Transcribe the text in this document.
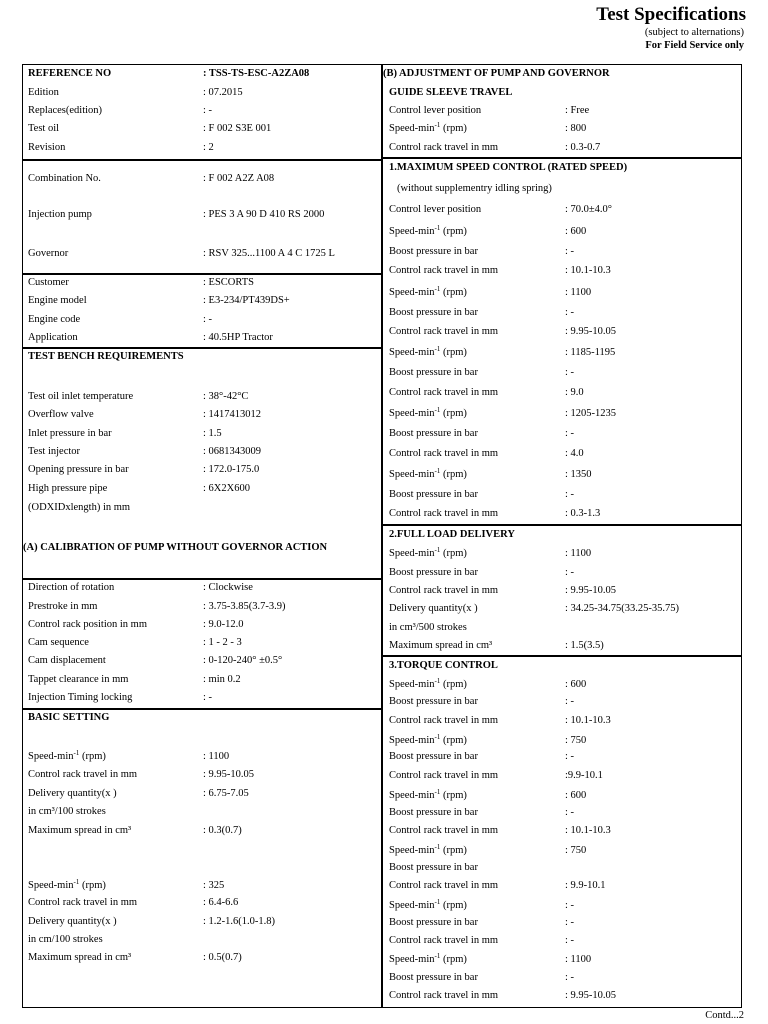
Test Specifications
(subject to alternations)
For Field Service only
REFERENCE NO	: TSS-TS-ESC-A2ZA08
Edition	: 07.2015
Replaces(edition)	: -
Test oil	: F 002 S3E 001
Revision	: 2
Combination No.	: F 002 A2Z A08
Injection pump	: PES 3 A 90 D 410 RS 2000
Governor	: RSV 325...1100 A 4 C 1725 L
Customer	: ESCORTS
Engine model	: E3-234/PT439DS+
Engine code	: -
Application	: 40.5HP Tractor
TEST BENCH REQUIREMENTS
Test oil inlet temperature	: 38°-42°C
Overflow valve	: 1417413012
Inlet pressure in bar	: 1.5
Test injector	: 0681343009
Opening pressure in bar	: 172.0-175.0
High pressure pipe	: 6X2X600
(ODXIDxlength) in mm
(A) CALIBRATION OF PUMP WITHOUT GOVERNOR ACTION
Direction of rotation	: Clockwise
Prestroke in mm	: 3.75-3.85(3.7-3.9)
Control rack position in mm	: 9.0-12.0
Cam sequence	: 1 - 2 - 3
Cam displacement	: 0-120-240° ±0.5°
Tappet clearance in mm	: min 0.2
Injection Timing locking	: -
BASIC SETTING
Speed-$\min^{-1}$ (rpm)	: 1100
Control rack travel in mm	: 9.95-10.05
Delivery quantity(x )	: 6.75-7.05
in cm³/100 strokes
Maximum spread in cm³	: 0.3(0.7)
Speed-$\min^{-1}$ (rpm)	: 325
Control rack travel in mm	: 6.4-6.6
Delivery quantity(x )	: 1.2-1.6(1.0-1.8)
in cm/100 strokes
Maximum spread in cm³	: 0.5(0.7)
(B) ADJUSTMENT OF PUMP AND GOVERNOR
GUIDE SLEEVE TRAVEL
Control lever position	: Free
Speed-$\min^{-1}$ (rpm)	: 800
Control rack travel in mm	: 0.3-0.7
1.MAXIMUM SPEED CONTROL (RATED SPEED)
(without supplementry idling spring)
Control lever position	: 70.0±4.0°
Speed-$\min^{-1}$ (rpm)	: 600
Boost pressure in bar	: -
Control rack travel in mm	: 10.1-10.3
Speed-$\min^{-1}$ (rpm)	: 1100
Boost pressure in bar	: -
Control rack travel in mm	: 9.95-10.05
Speed-$\min^{-1}$ (rpm)	: 1185-1195
Boost pressure in bar	: -
Control rack travel in mm	: 9.0
Speed-$\min^{-1}$ (rpm)	: 1205-1235
Boost pressure in bar	: -
Control rack travel in mm	: 4.0
Speed-$\min^{-1}$ (rpm)	: 1350
Boost pressure in bar	: -
Control rack travel in mm	: 0.3-1.3
2.FULL LOAD DELIVERY
Speed-$\min^{-1}$ (rpm)	: 1100
Boost pressure in bar	: -
Control rack travel in mm	: 9.95-10.05
Delivery quantity(x )	: 34.25-34.75(33.25-35.75)
in cm³/500 strokes
Maximum spread in cm³	: 1.5(3.5)
3.TORQUE CONTROL
Speed-$\min^{-1}$ (rpm)	: 600
Boost pressure in bar	: -
Control rack travel in mm	: 10.1-10.3
Speed-$\min^{-1}$ (rpm)	: 750
Boost pressure in bar	: -
Control rack travel in mm	:9.9-10.1
Speed-$\min^{-1}$ (rpm)	: 600
Boost pressure in bar	: -
Control rack travel in mm	: 10.1-10.3
Speed-$\min^{-1}$ (rpm)	: 750
Boost pressure in bar
Control rack travel in mm	: 9.9-10.1
Speed-$\min^{-1}$ (rpm)	: -
Boost pressure in bar	: -
Control rack travel in mm	: -
Speed-$\min^{-1}$ (rpm)	: 1100
Boost pressure in bar	: -
Control rack travel in mm	: 9.95-10.05
Contd...2
